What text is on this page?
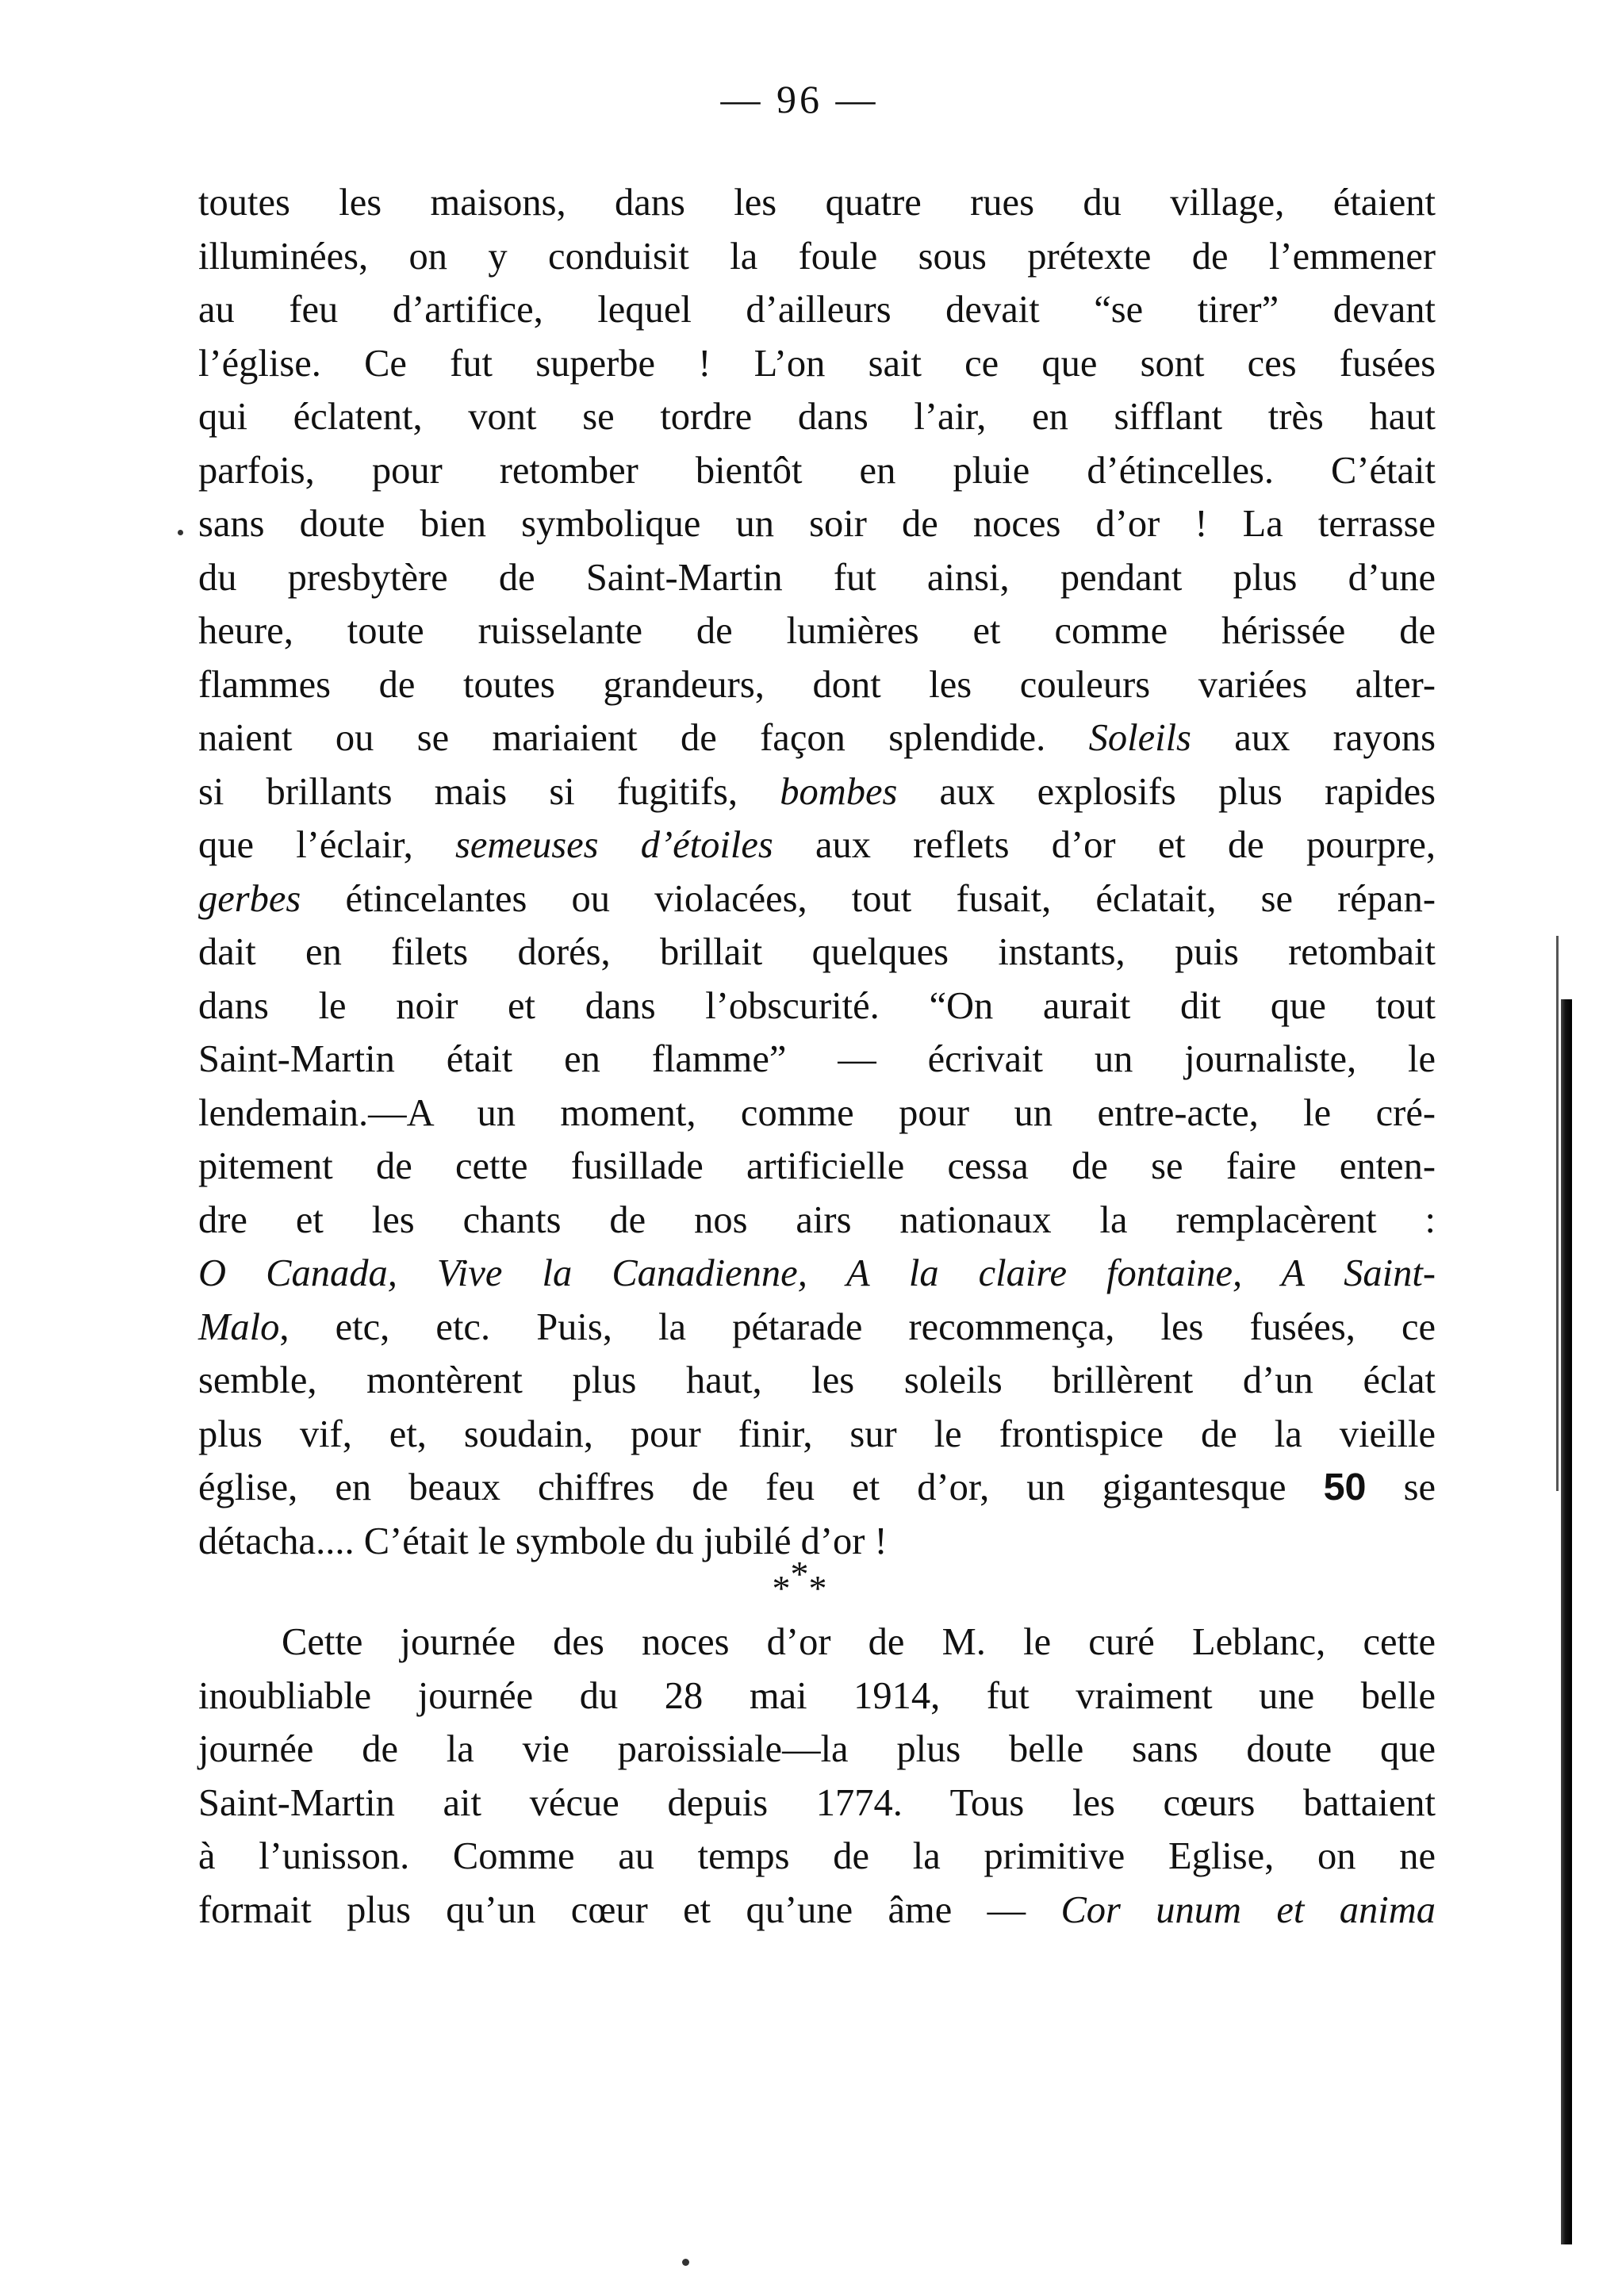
— 96 —
toutes les maisons, dans les quatre rues du village, étaient
illuminées, on y conduisit la foule sous prétexte de l’emmener
au feu d’artifice, lequel d’ailleurs devait “se tirer” devant
l’église. Ce fut superbe ! L’on sait ce que sont ces fusées
qui éclatent, vont se tordre dans l’air, en sifflant très haut
parfois, pour retomber bientôt en pluie d’étincelles. C’était
sans doute bien symbolique un soir de noces d’or ! La terrasse
du presbytère de Saint-Martin fut ainsi, pendant plus d’une
heure, toute ruisselante de lumières et comme hérissée de
flammes de toutes grandeurs, dont les couleurs variées alter-
naient ou se mariaient de façon splendide. Soleils aux rayons
si brillants mais si fugitifs, bombes aux explosifs plus rapides
que l’éclair, semeuses d’étoiles aux reflets d’or et de pourpre,
gerbes étincelantes ou violacées, tout fusait, éclatait, se répan-
dait en filets dorés, brillait quelques instants, puis retombait
dans le noir et dans l’obscurité. “On aurait dit que tout
Saint-Martin était en flamme” — écrivait un journaliste, le
lendemain.—A un moment, comme pour un entre-acte, le cré-
pitement de cette fusillade artificielle cessa de se faire enten-
dre et les chants de nos airs nationaux la remplacèrent :
O Canada, Vive la Canadienne, A la claire fontaine, A Saint-
Malo, etc, etc. Puis, la pétarade recommença, les fusées, ce
semble, montèrent plus haut, les soleils brillèrent d’un éclat
plus vif, et, soudain, pour finir, sur le frontispice de la vieille
église, en beaux chiffres de feu et d’or, un gigantesque 50 se
détacha.... C’était le symbole du jubilé d’or !
***
Cette journée des noces d’or de M. le curé Leblanc, cette
inoubliable journée du 28 mai 1914, fut vraiment une belle
journée de la vie paroissiale—la plus belle sans doute que
Saint-Martin ait vécue depuis 1774. Tous les cœurs battaient
à l’unisson. Comme au temps de la primitive Eglise, on ne
formait plus qu’un cœur et qu’une âme — Cor unum et anima
